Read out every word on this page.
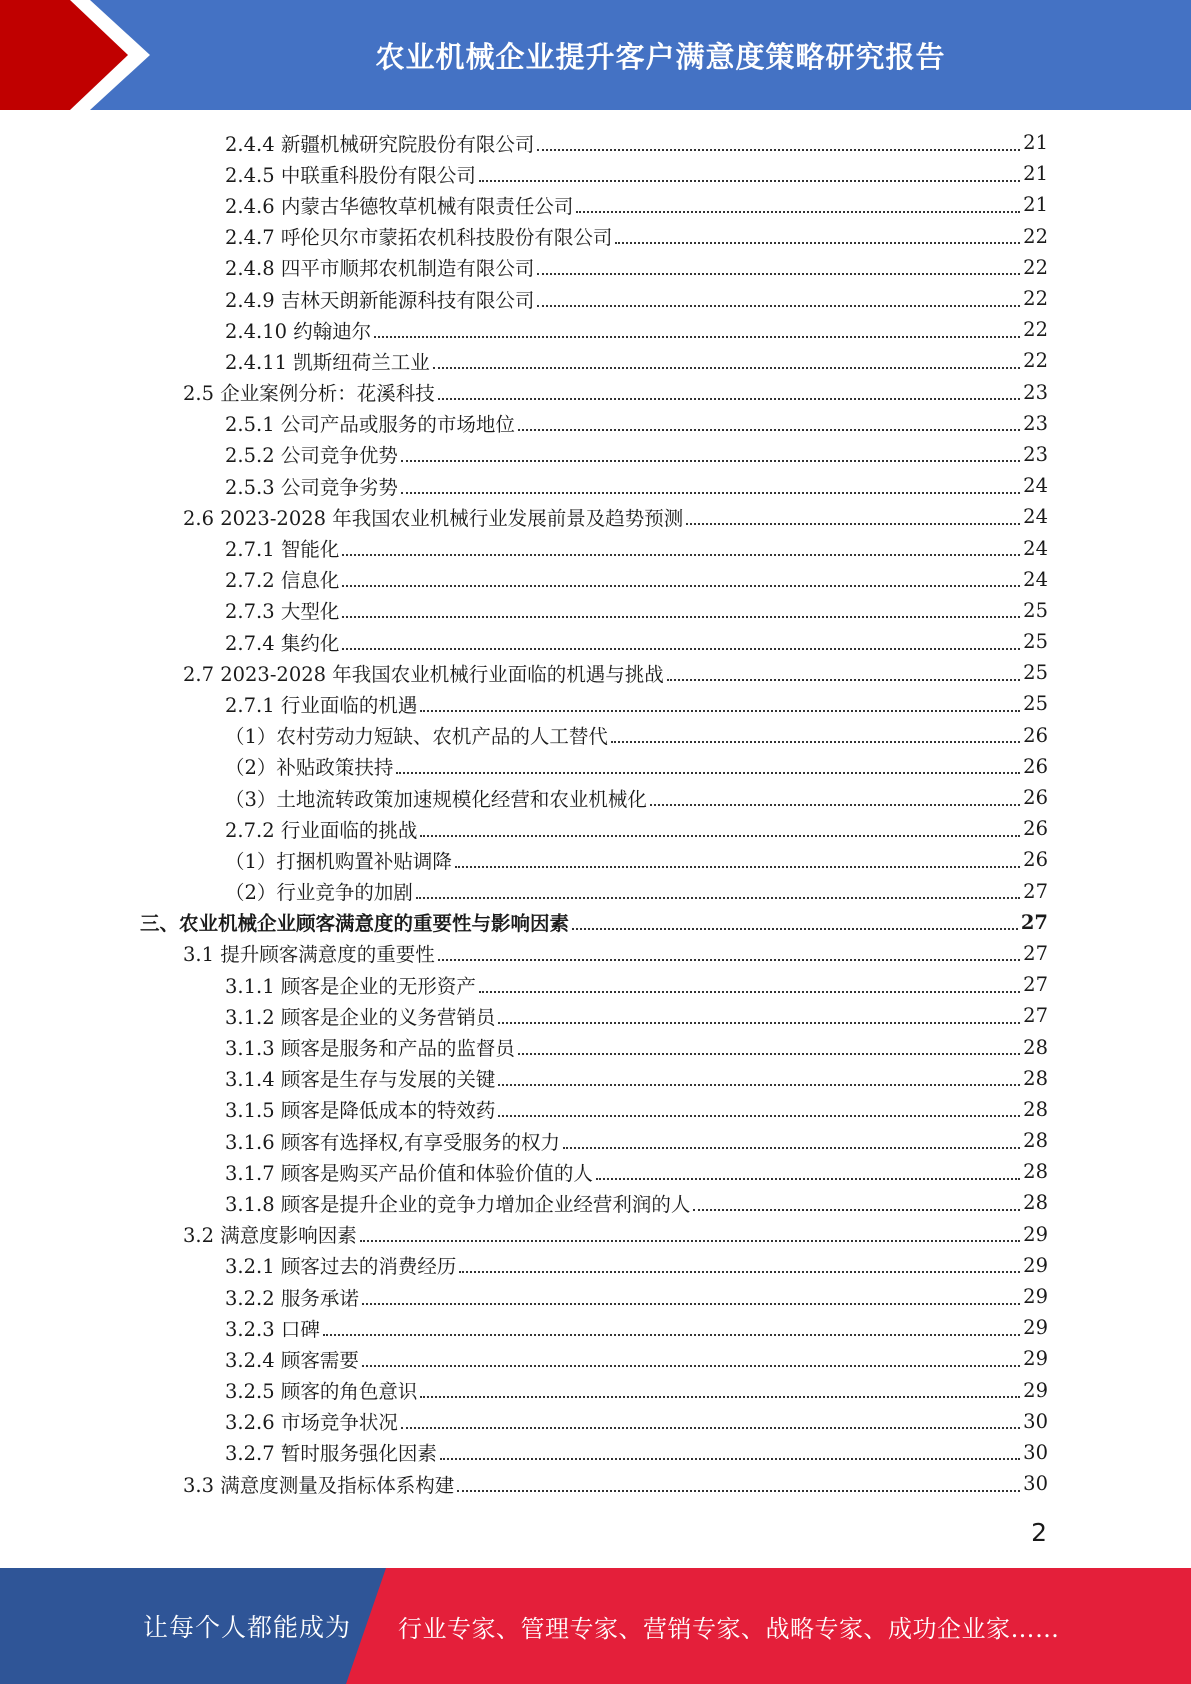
农业机械企业提升客户满意度策略研究报告
2.4.4 新疆机械研究院股份有限公司	21
2.4.5 中联重科股份有限公司	21
2.4.6 内蒙古华德牧草机械有限责任公司	21
2.4.7 呼伦贝尔市蒙拓农机科技股份有限公司	22
2.4.8 四平市顺邦农机制造有限公司	22
2.4.9 吉林天朗新能源科技有限公司	22
2.4.10 约翰迪尔	22
2.4.11 凯斯纽荷兰工业	22
2.5 企业案例分析：花溪科技	23
2.5.1 公司产品或服务的市场地位	23
2.5.2 公司竞争优势	23
2.5.3 公司竞争劣势	24
2.6 2023-2028 年我国农业机械行业发展前景及趋势预测	24
2.7.1 智能化	24
2.7.2 信息化	24
2.7.3 大型化	25
2.7.4 集约化	25
2.7 2023-2028 年我国农业机械行业面临的机遇与挑战	25
2.7.1 行业面临的机遇	25
（1）农村劳动力短缺、农机产品的人工替代	26
（2）补贴政策扶持	26
（3）土地流转政策加速规模化经营和农业机械化	26
2.7.2 行业面临的挑战	26
（1）打捆机购置补贴调降	26
（2）行业竞争的加剧	27
三、农业机械企业顾客满意度的重要性与影响因素	27
3.1 提升顾客满意度的重要性	27
3.1.1 顾客是企业的无形资产	27
3.1.2 顾客是企业的义务营销员	27
3.1.3 顾客是服务和产品的监督员	28
3.1.4 顾客是生存与发展的关键	28
3.1.5 顾客是降低成本的特效药	28
3.1.6 顾客有选择权,有享受服务的权力	28
3.1.7 顾客是购买产品价值和体验价值的人	28
3.1.8 顾客是提升企业的竞争力增加企业经营利润的人	28
3.2 满意度影响因素	29
3.2.1 顾客过去的消费经历	29
3.2.2 服务承诺	29
3.2.3 口碑	29
3.2.4 顾客需要	29
3.2.5 顾客的角色意识	29
3.2.6 市场竞争状况	30
3.2.7 暂时服务强化因素	30
3.3 满意度测量及指标体系构建	30
2
让每个人都能成为 行业专家、管理专家、营销专家、战略专家、成功企业家……
